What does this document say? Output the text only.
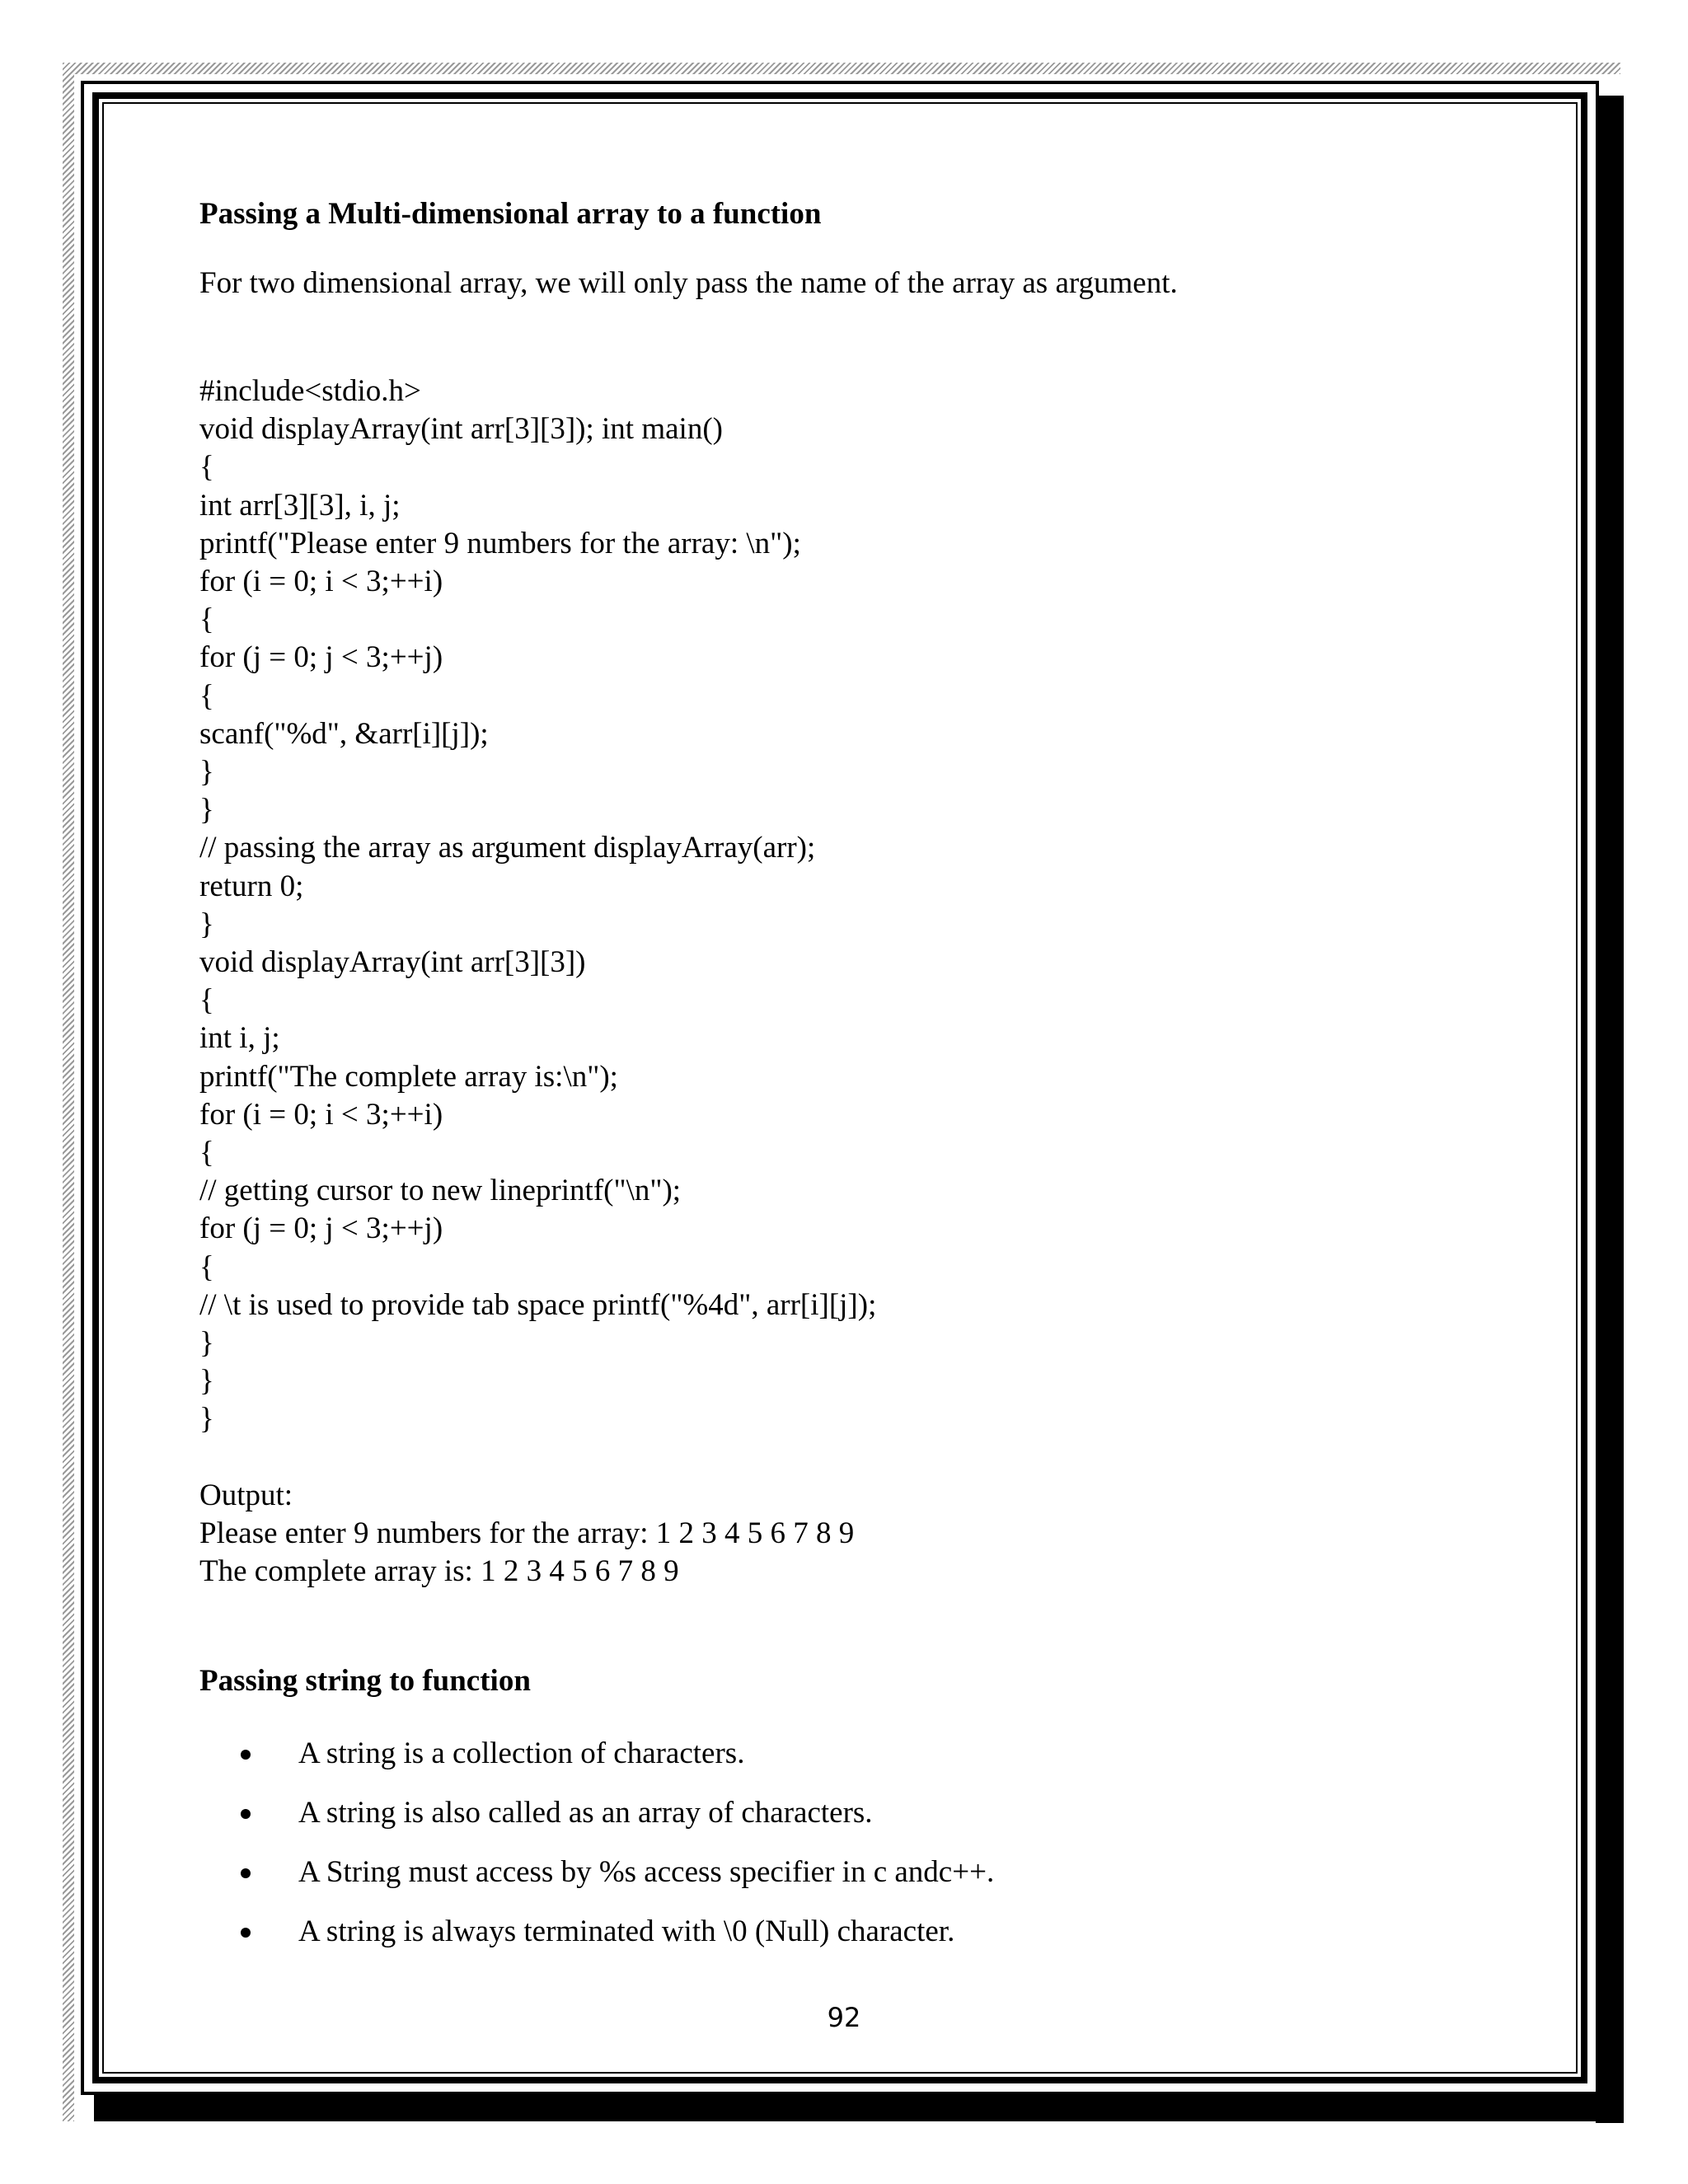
Passing a Multi-dimensional array to a function

For two dimensional array, we will only pass the name of the array as argument.

#include<stdio.h>
void displayArray(int arr[3][3]); int main()
{
int arr[3][3], i, j;
printf("Please enter 9 numbers for the array: \n");
for (i = 0; i < 3;++i)
{
for (j = 0; j < 3;++j)
{
scanf("%d", &arr[i][j]);
}
}
// passing the array as argument displayArray(arr);
return 0;
}
void displayArray(int arr[3][3])
{
int i, j;
printf("The complete array is:\n");
for (i = 0; i < 3;++i)
{
// getting cursor to new lineprintf("\n");
for (j = 0; j < 3;++j)
{
// \t is used to provide tab space printf("%4d", arr[i][j]);
}
}
}
Output:
Please enter 9 numbers for the array: 1 2 3 4 5 6 7 8 9
The complete array is: 1 2 3 4 5 6 7 8 9
Passing string to function
A string is a collection of characters.
A string is also called as an array of characters.
A String must access by %s access specifier in c andc++.
A string is always terminated with \0 (Null) character.
92
